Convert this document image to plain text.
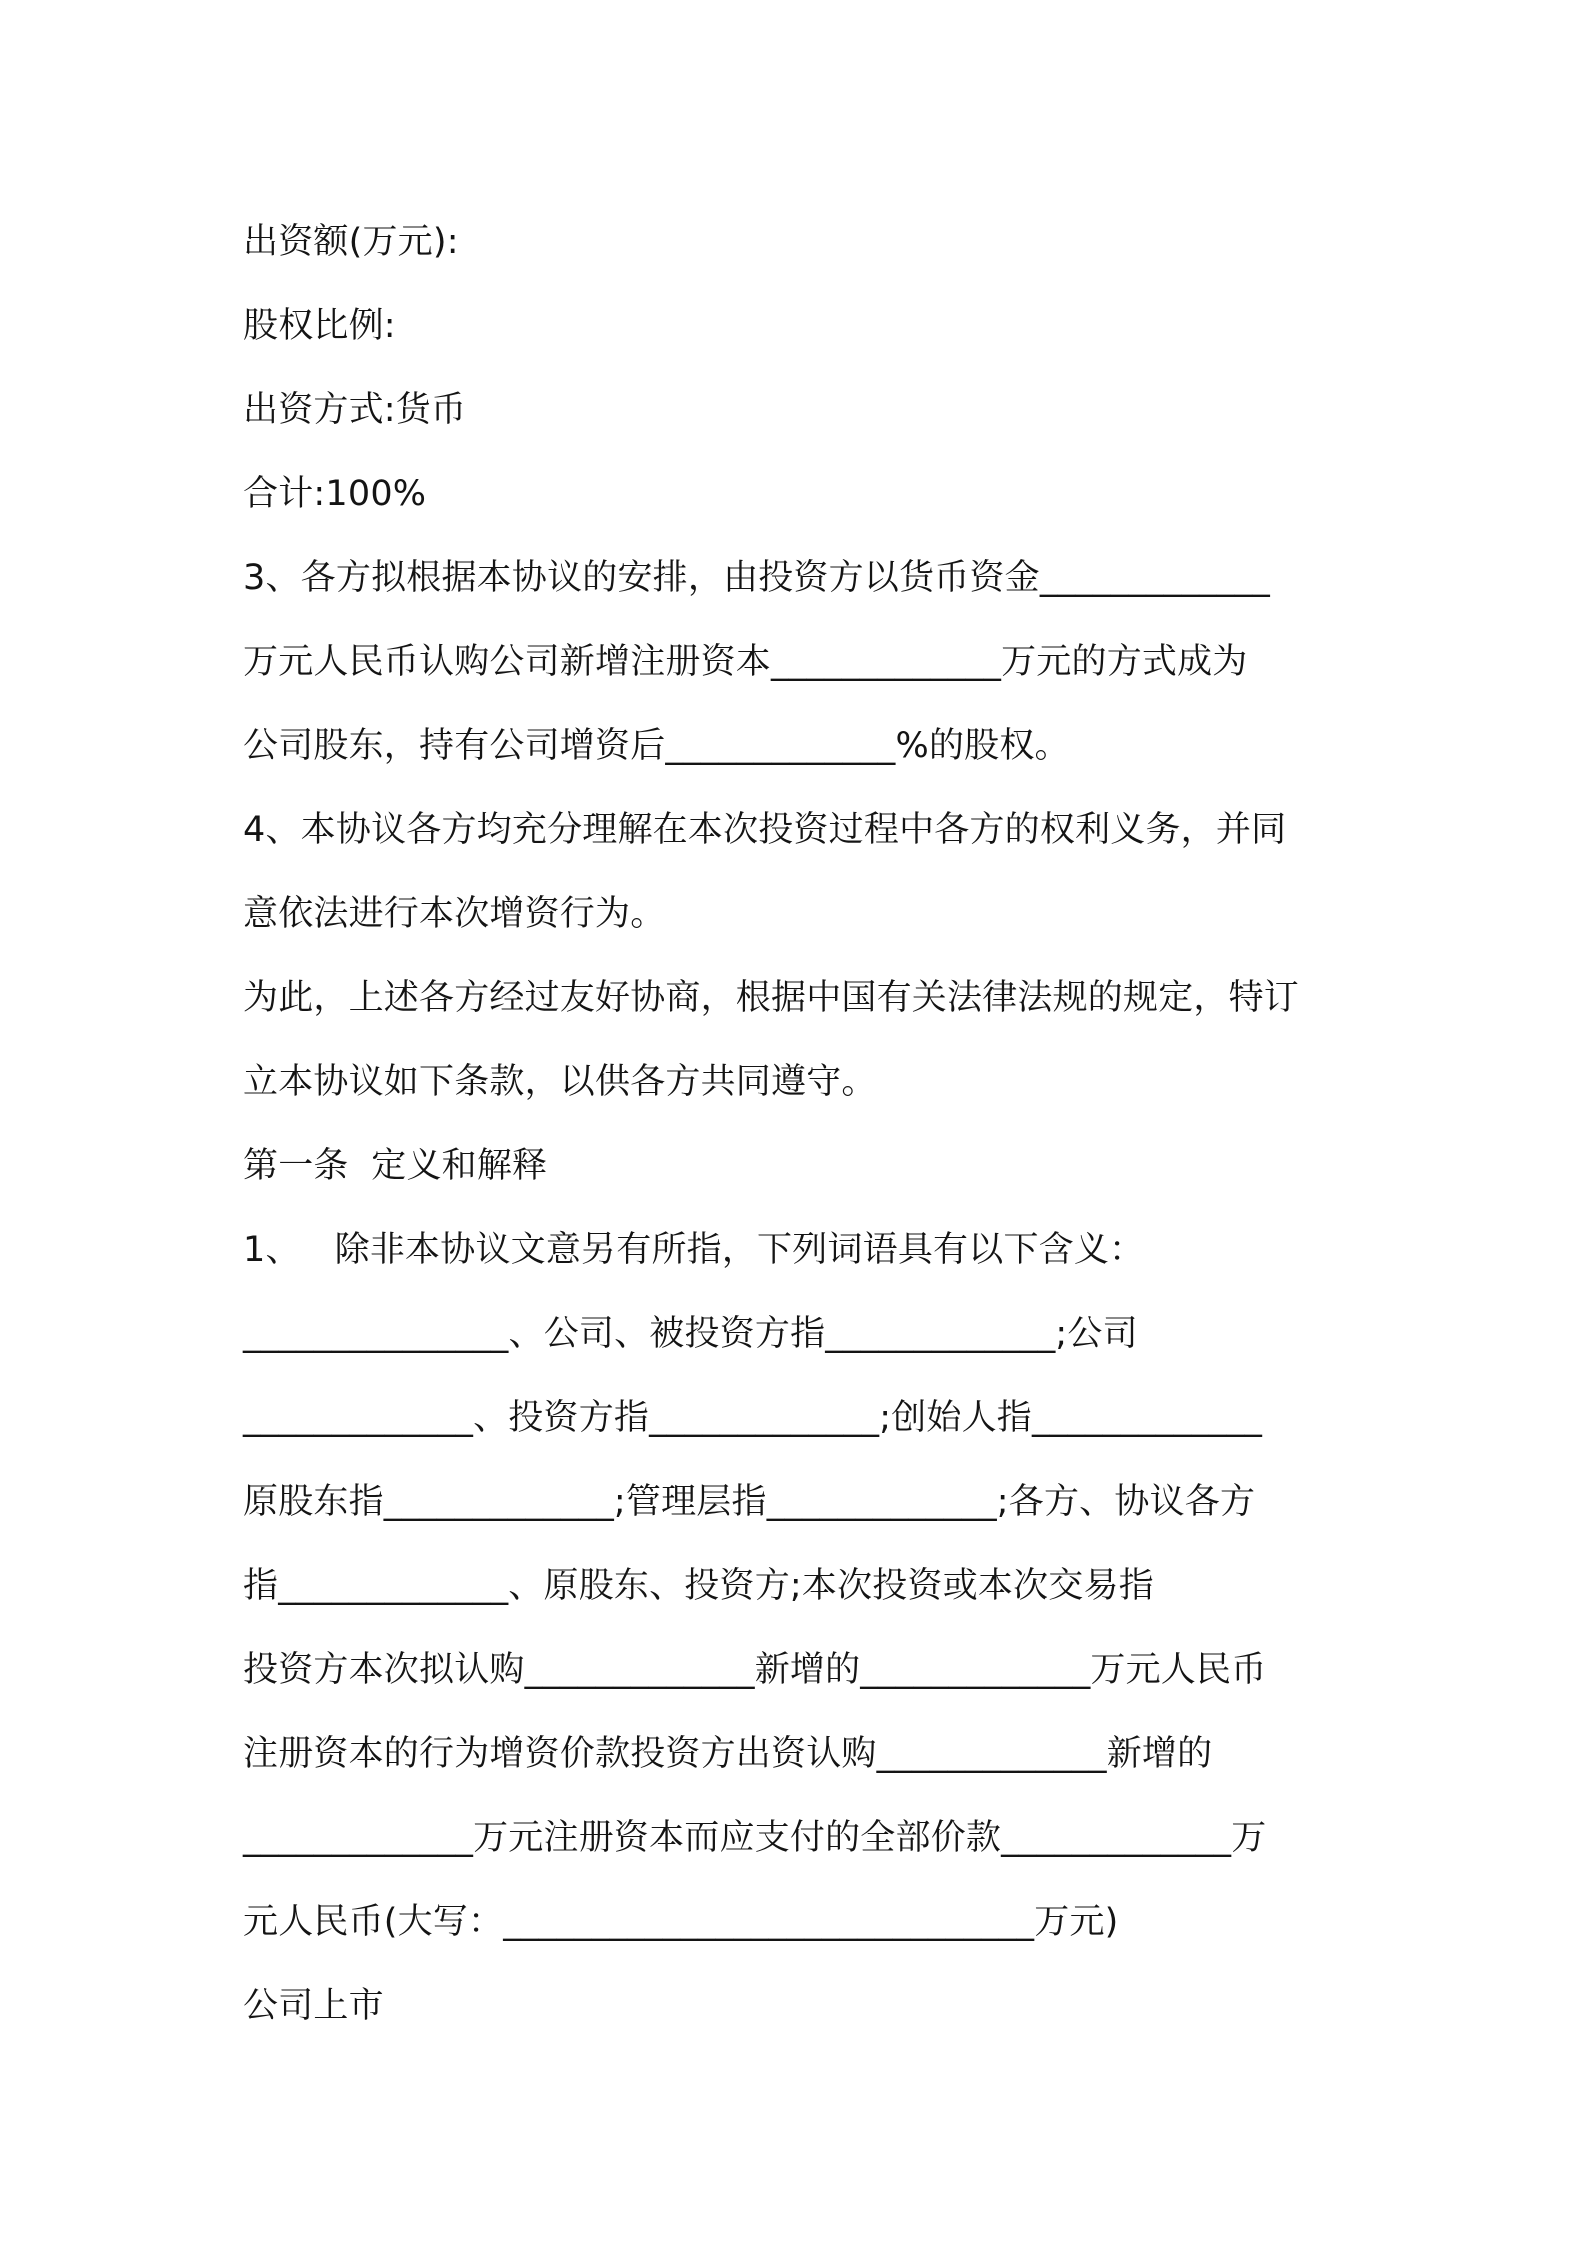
出资额(万元):

股权比例:

出资方式:货币

合计:100%

3、各方拟根据本协议的安排，由投资方以货币资金_____________

万元人民币认购公司新增注册资本_____________万元的方式成为

公司股东，持有公司增资后_____________%的股权。

4、本协议各方均充分理解在本次投资过程中各方的权利义务，并同

意依法进行本次增资行为。

为此，上述各方经过友好协商，根据中国有关法律法规的规定，特订

立本协议如下条款，以供各方共同遵守。

第一条  定义和解释

1、   除非本协议文意另有所指，下列词语具有以下含义：

_______________、公司、被投资方指_____________;公司

_____________、投资方指_____________;创始人指_____________

原股东指_____________;管理层指_____________;各方、协议各方

指_____________、原股东、投资方;本次投资或本次交易指

投资方本次拟认购_____________新增的_____________万元人民币

注册资本的行为增资价款投资方出资认购_____________新增的

_____________万元注册资本而应支付的全部价款_____________万

元人民币(大写：______________________________万元)

公司上市
